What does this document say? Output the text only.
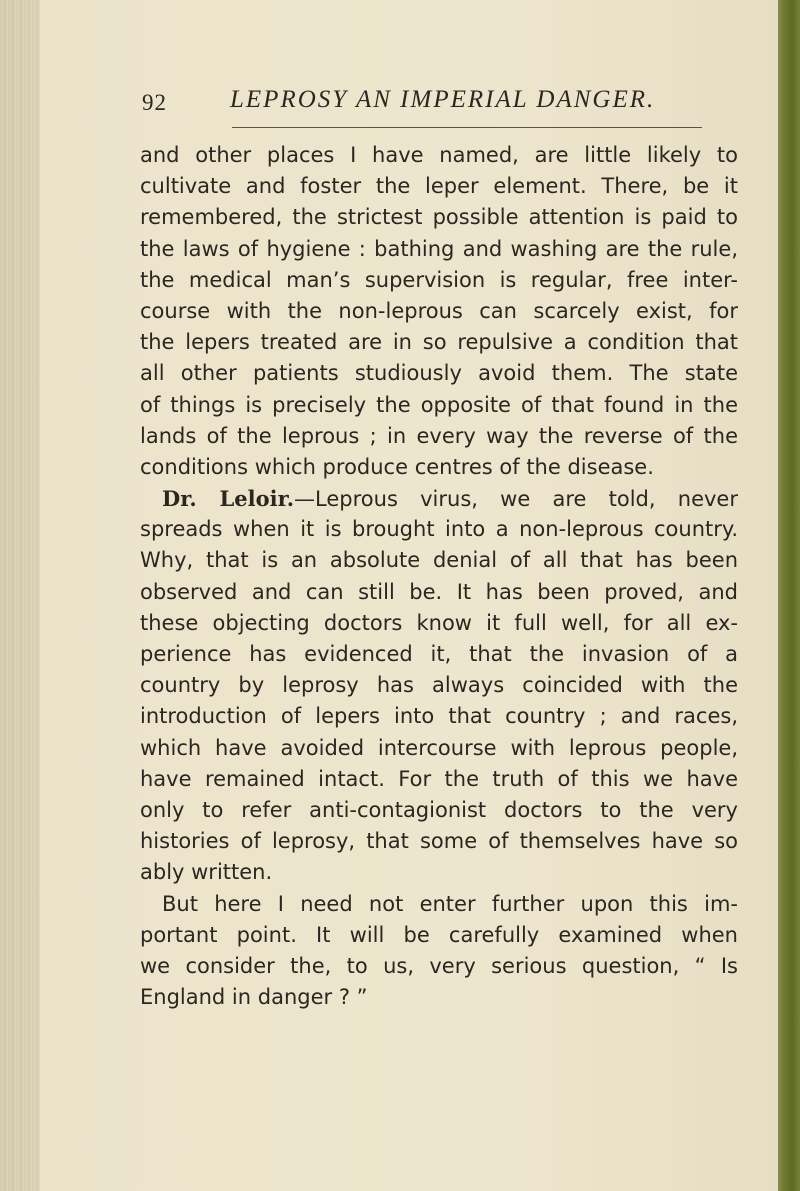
92	LEPROSY AN IMPERIAL DANGER.
and other places I have named, are little likely to
cultivate and foster the leper element. There, be it
remembered, the strictest possible attention is paid to
the laws of hygiene : bathing and washing are the rule,
the medical man’s supervision is regular, free inter-
course with the non-leprous can scarcely exist, for
the lepers treated are in so repulsive a condition that
all other patients studiously avoid them. The state
of things is precisely the opposite of that found in the
lands of the leprous ; in every way the reverse of the
conditions which produce centres of the disease.
Dr. Leloir.—Leprous virus, we are told, never
spreads when it is brought into a non-leprous country.
Why, that is an absolute denial of all that has been
observed and can still be. It has been proved, and
these objecting doctors know it full well, for all ex-
perience has evidenced it, that the invasion of a
country by leprosy has always coincided with the
introduction of lepers into that country ; and races,
which have avoided intercourse with leprous people,
have remained intact. For the truth of this we have
only to refer anti-contagionist doctors to the very
histories of leprosy, that some of themselves have so
ably written.
But here I need not enter further upon this im-
portant point. It will be carefully examined when
we consider the, to us, very serious question, “ Is
England in danger ? ”
